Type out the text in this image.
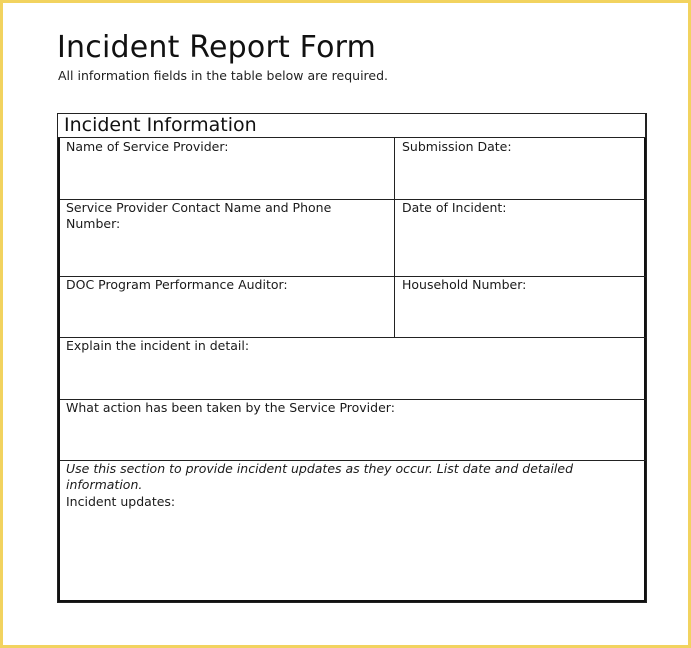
Incident Report Form
All information fields in the table below are required.
Incident Information
Name of Service Provider:	Submission Date:
Service Provider Contact Name and Phone Number:
Date of Incident:
DOC Program Performance Auditor:	Household Number:
Explain the incident in detail:
What action has been taken by the Service Provider:
Use this section to provide incident updates as they occur. List date and detailed information.
Incident updates:
